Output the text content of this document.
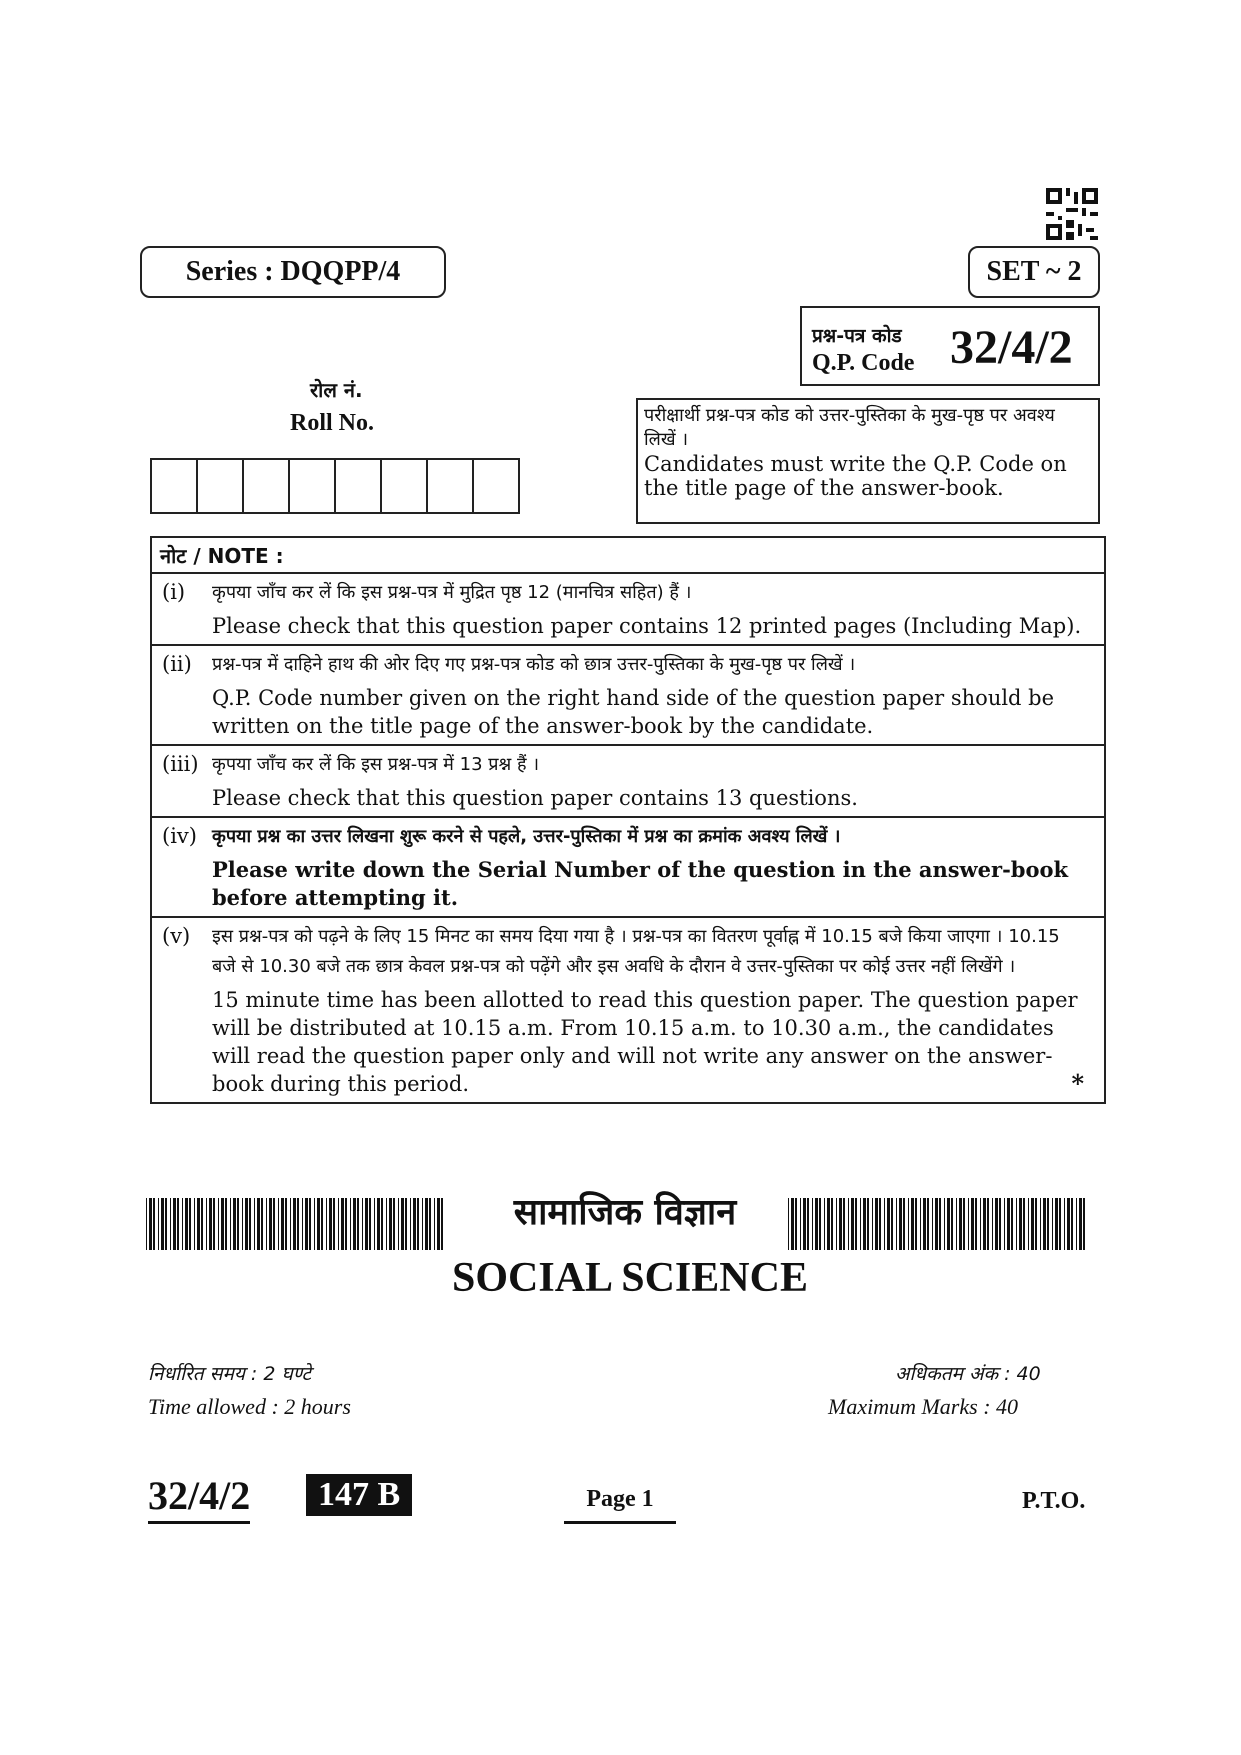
Series : DQQPP/4	SET ~ 2
प्रश्न-पत्र कोड
Q.P. Code 32/4/2
रोल नं.
Roll No.	परीक्षार्थी प्रश्न-पत्र कोड को उत्तर-पुस्तिका के मुख-पृष्ठ पर अवश्य लिखें ।
Candidates must write the Q.P. Code on the title page of the answer-book.
नोट / NOTE :
(i)	कृपया जाँच कर लें कि इस प्रश्न-पत्र में मुद्रित पृष्ठ 12 (मानचित्र सहित) हैं ।
Please check that this question paper contains 12 printed pages (Including Map).
(ii)	प्रश्न-पत्र में दाहिने हाथ की ओर दिए गए प्रश्न-पत्र कोड को छात्र उत्तर-पुस्तिका के मुख-पृष्ठ पर लिखें ।
Q.P. Code number given on the right hand side of the question paper should be written on the title page of the answer-book by the candidate.
(iii) कृपया जाँच कर लें कि इस प्रश्न-पत्र में 13 प्रश्न हैं ।
Please check that this question paper contains 13 questions.
(iv) कृपया प्रश्न का उत्तर लिखना शुरू करने से पहले, उत्तर-पुस्तिका में प्रश्न का क्रमांक अवश्य लिखें ।
Please write down the Serial Number of the question in the answer-book before attempting it.
(v)	इस प्रश्न-पत्र को पढ़ने के लिए 15 मिनट का समय दिया गया है । प्रश्न-पत्र का वितरण पूर्वाह्न में 10.15 बजे किया जाएगा । 10.15 बजे से 10.30 बजे तक छात्र केवल प्रश्न-पत्र को पढ़ेंगे और इस अवधि के दौरान वे उत्तर-पुस्तिका पर कोई उत्तर नहीं लिखेंगे ।
15 minute time has been allotted to read this question paper. The question paper will be distributed at 10.15 a.m. From 10.15 a.m. to 10.30 a.m., the candidates will read the question paper only and will not write any answer on the answer-book during this period.	*
सामाजिक विज्ञान
SOCIAL SCIENCE
निर्धारित समय : 2 घण्टे
Time allowed : 2 hours
अधिकतम अंक : 40
Maximum Marks : 40
32/4/2	147 B	Page 1	P.T.O.
